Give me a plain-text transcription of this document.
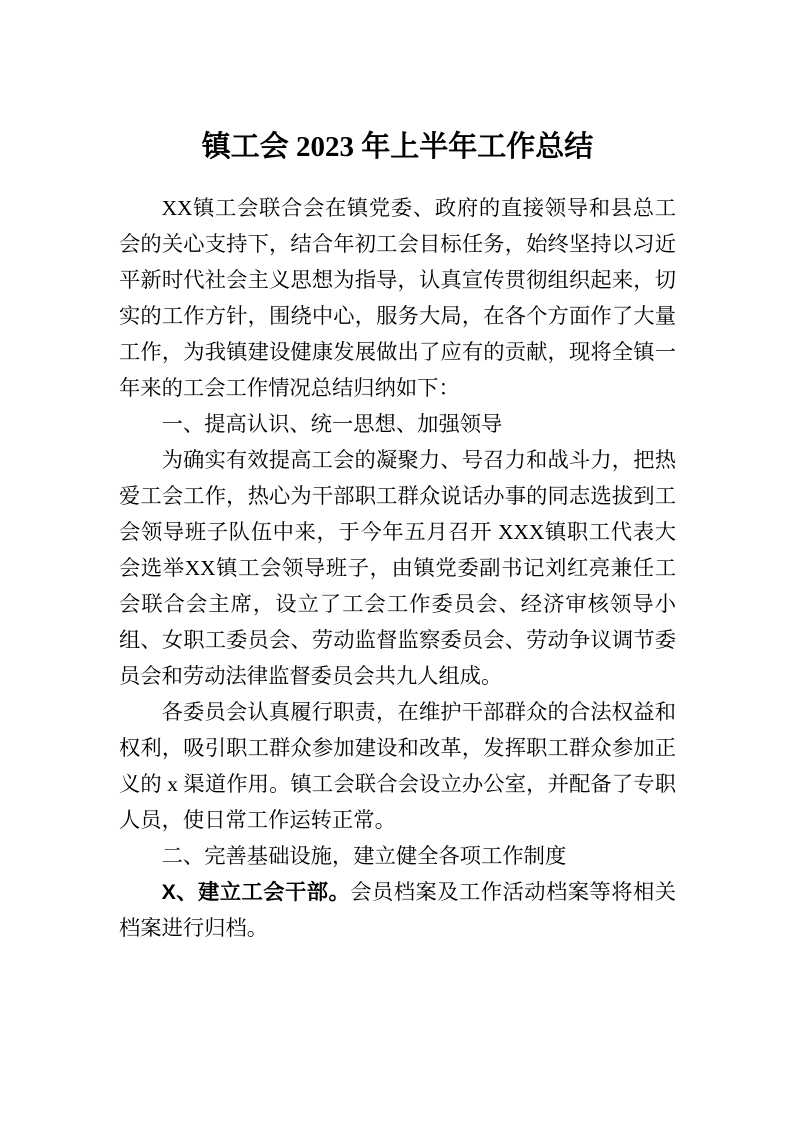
镇工会 2023 年上半年工作总结

XX镇工会联合会在镇党委、政府的直接领导和县总工会的关心支持下，结合年初工会目标任务，始终坚持以习近平新时代社会主义思想为指导，认真宣传贯彻组织起来，切实的工作方针，围绕中心，服务大局，在各个方面作了大量工作，为我镇建设健康发展做出了应有的贡献，现将全镇一年来的工会工作情况总结归纳如下：

一、提高认识、统一思想、加强领导

为确实有效提高工会的凝聚力、号召力和战斗力，把热爱工会工作，热心为干部职工群众说话办事的同志选拔到工会领导班子队伍中来，于今年五月召开 XXX镇职工代表大会选举XX镇工会领导班子，由镇党委副书记刘红亮兼任工会联合会主席，设立了工会工作委员会、经济审核领导小组、女职工委员会、劳动监督监察委员会、劳动争议调节委员会和劳动法律监督委员会共九人组成。

各委员会认真履行职责，在维护干部群众的合法权益和权利，吸引职工群众参加建设和改革，发挥职工群众参加正义的 x 渠道作用。镇工会联合会设立办公室，并配备了专职人员，使日常工作运转正常。

二、完善基础设施，建立健全各项工作制度

X、建立工会干部。会员档案及工作活动档案等将相关档案进行归档。
